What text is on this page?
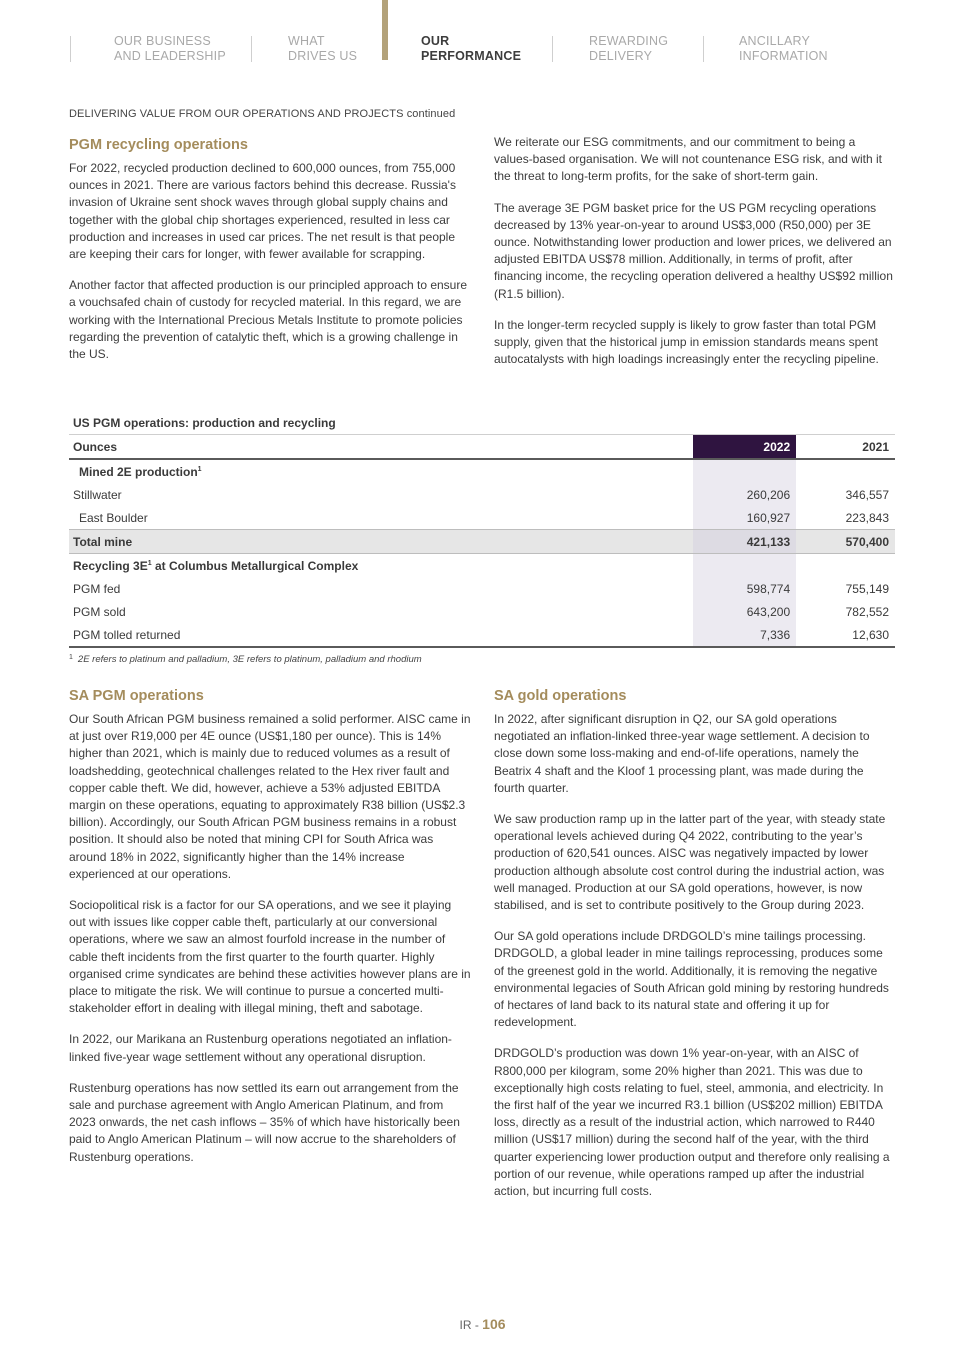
OUR BUSINESS
AND LEADERSHIP
WHAT
DRIVES US
OUR
PERFORMANCE
REWARDING
DELIVERY
ANCILLARY
INFORMATION
DELIVERING VALUE FROM OUR OPERATIONS AND PROJECTS continued
PGM recycling operations

For 2022, recycled production declined to 600,000 ounces, from 755,000 ounces in 2021. There are various factors behind this decrease. Russia's invasion of Ukraine sent shock waves through global supply chains and together with the global chip shortages experienced, resulted in less car production and increases in used car prices. The net result is that people are keeping their cars for longer, with fewer available for scrapping.

Another factor that affected production is our principled approach to ensure a vouchsafed chain of custody for recycled material. In this regard, we are working with the International Precious Metals Institute to promote policies regarding the prevention of catalytic theft, which is a growing challenge in the US.

We reiterate our ESG commitments, and our commitment to being a values-based organisation. We will not countenance ESG risk, and with it the threat to long-term profits, for the sake of short-term gain.

The average 3E PGM basket price for the US PGM recycling operations decreased by 13% year-on-year to around US$3,000 (R50,000) per 3E ounce. Notwithstanding lower production and lower prices, we delivered an adjusted EBITDA US$78 million. Additionally, in terms of profit, after financing income, the recycling operation delivered a healthy US$92 million (R1.5 billion).

In the longer-term recycled supply is likely to grow faster than total PGM supply, given that the historical jump in emission standards means spent autocatalysts with high loadings increasingly enter the recycling pipeline.

US PGM operations: production and recycling
Ounces	2022	2021
Mined 2E production$^1$		
Stillwater	260,206	346,557
East Boulder	160,927	223,843
Total mine	421,133	570,400
Recycling $3E^1$ at Columbus Metallurgical Complex		
PGM fed	598,774	755,149
PGM sold	643,200	782,552
PGM tolled returned	7,336	12,630
$^1$ 2E refers to platinum and palladium, 3E refers to platinum, palladium and rhodium
SA PGM operations

Our South African PGM business remained a solid performer. AISC came in at just over R19,000 per 4E ounce (US$1,180 per ounce). This is 14% higher than 2021, which is mainly due to reduced volumes as a result of loadshedding, geotechnical challenges related to the Hex river fault and copper cable theft. We did, however, achieve a 53% adjusted EBITDA margin on these operations, equating to approximately R38 billion (US$2.3 billion). Accordingly, our South African PGM business remains in a robust position. It should also be noted that mining CPI for South Africa was around 18% in 2022, significantly higher than the 14% increase experienced at our operations.

Sociopolitical risk is a factor for our SA operations, and we see it playing out with issues like copper cable theft, particularly at our conversional operations, where we saw an almost fourfold increase in the number of cable theft incidents from the first quarter to the fourth quarter. Highly organised crime syndicates are behind these activities however plans are in place to mitigate the risk. We will continue to pursue a concerted multi-stakeholder effort in dealing with illegal mining, theft and sabotage.

In 2022, our Marikana an Rustenburg operations negotiated an inflation-linked five-year wage settlement without any operational disruption.

Rustenburg operations has now settled its earn out arrangement from the sale and purchase agreement with Anglo American Platinum, and from 2023 onwards, the net cash inflows – 35% of which have historically been paid to Anglo American Platinum – will now accrue to the shareholders of Rustenburg operations.

SA gold operations

In 2022, after significant disruption in Q2, our SA gold operations negotiated an inflation-linked three-year wage settlement. A decision to close down some loss-making and end-of-life operations, namely the Beatrix 4 shaft and the Kloof 1 processing plant, was made during the fourth quarter.

We saw production ramp up in the latter part of the year, with steady state operational levels achieved during Q4 2022, contributing to the year’s production of 620,541 ounces. AISC was negatively impacted by lower production although absolute cost control during the industrial action, was well managed. Production at our SA gold operations, however, is now stabilised, and is set to contribute positively to the Group during 2023.

Our SA gold operations include DRDGOLD’s mine tailings processing. DRDGOLD, a global leader in mine tailings reprocessing, produces some of the greenest gold in the world. Additionally, it is removing the negative environmental legacies of South African gold mining by restoring hundreds of hectares of land back to its natural state and offering it up for redevelopment.

DRDGOLD’s production was down 1% year-on-year, with an AISC of R800,000 per kilogram, some 20% higher than 2021. This was due to exceptionally high costs relating to fuel, steel, ammonia, and electricity. In the first half of the year we incurred R3.1 billion (US$202 million) EBITDA loss, directly as a result of the industrial action, which narrowed to R440 million (US$17 million) during the second half of the year, with the third quarter experiencing lower production output and therefore only realising a portion of our revenue, while operations ramped up after the industrial action, but incurring full costs.

IR - 106
